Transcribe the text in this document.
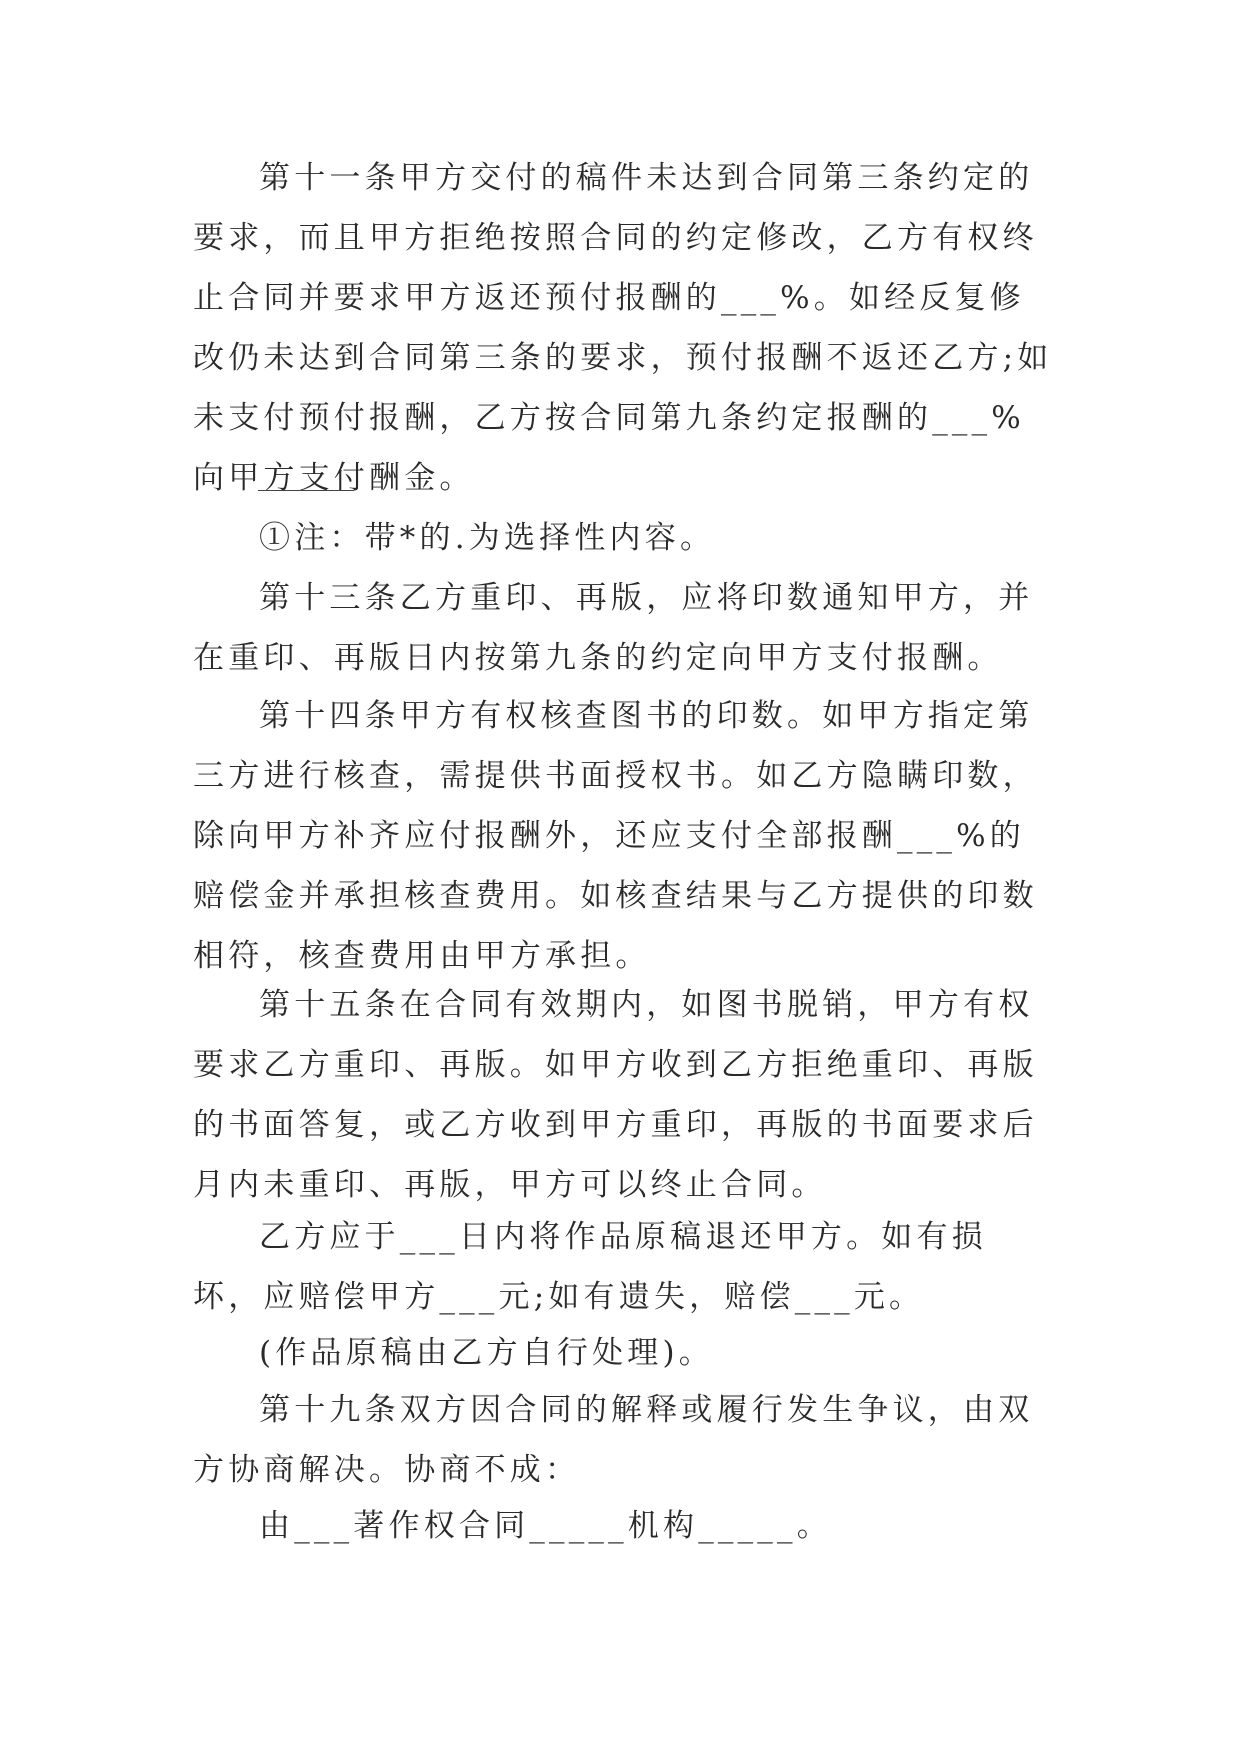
第十一条甲方交付的稿件未达到合同第三条约定的要求，而且甲方拒绝按照合同的约定修改，乙方有权终止合同并要求甲方返还预付报酬的___%。如经反复修改仍未达到合同第三条的要求，预付报酬不返还乙方;如未支付预付报酬，乙方按合同第九条约定报酬的___%向甲方支付酬金。

①注：带*的.为选择性内容。

第十三条乙方重印、再版，应将印数通知甲方，并在重印、再版日内按第九条的约定向甲方支付报酬。

第十四条甲方有权核查图书的印数。如甲方指定第三方进行核查，需提供书面授权书。如乙方隐瞒印数，除向甲方补齐应付报酬外，还应支付全部报酬___%的赔偿金并承担核查费用。如核查结果与乙方提供的印数相符，核查费用由甲方承担。

第十五条在合同有效期内，如图书脱销，甲方有权要求乙方重印、再版。如甲方收到乙方拒绝重印、再版的书面答复，或乙方收到甲方重印，再版的书面要求后月内未重印、再版，甲方可以终止合同。

乙方应于___日内将作品原稿退还甲方。如有损坏，应赔偿甲方___元;如有遗失，赔偿___元。

(作品原稿由乙方自行处理)。

第十九条双方因合同的解释或履行发生争议，由双方协商解决。协商不成：

由___著作权合同_____机构_____。
